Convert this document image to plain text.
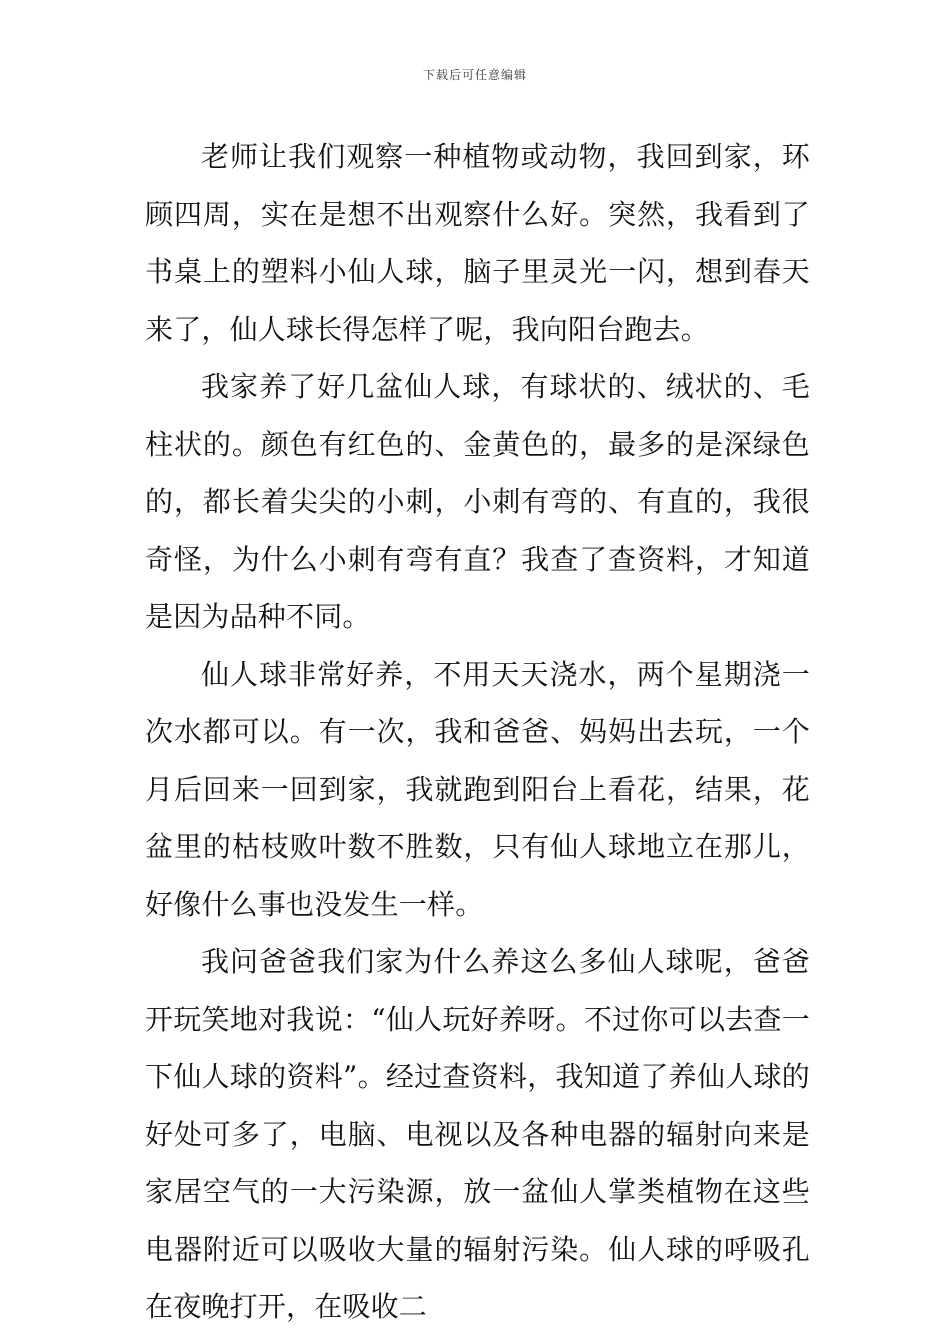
下载后可任意编辑

老师让我们观察一种植物或动物，我回到家，环顾四周，实在是想不出观察什么好。突然，我看到了书桌上的塑料小仙人球，脑子里灵光一闪，想到春天来了，仙人球长得怎样了呢，我向阳台跑去。

我家养了好几盆仙人球，有球状的、绒状的、毛柱状的。颜色有红色的、金黄色的，最多的是深绿色的，都长着尖尖的小刺，小刺有弯的、有直的，我很奇怪，为什么小刺有弯有直？我查了查资料，才知道是因为品种不同。

仙人球非常好养，不用天天浇水，两个星期浇一次水都可以。有一次，我和爸爸、妈妈出去玩，一个月后回来一回到家，我就跑到阳台上看花，结果，花盆里的枯枝败叶数不胜数，只有仙人球地立在那儿，好像什么事也没发生一样。

我问爸爸我们家为什么养这么多仙人球呢，爸爸开玩笑地对我说：“仙人玩好养呀。不过你可以去查一下仙人球的资料”。经过查资料，我知道了养仙人球的好处可多了，电脑、电视以及各种电器的辐射向来是家居空气的一大污染源，放一盆仙人掌类植物在这些电器附近可以吸收大量的辐射污染。仙人球的呼吸孔在夜晚打开，在吸收二
